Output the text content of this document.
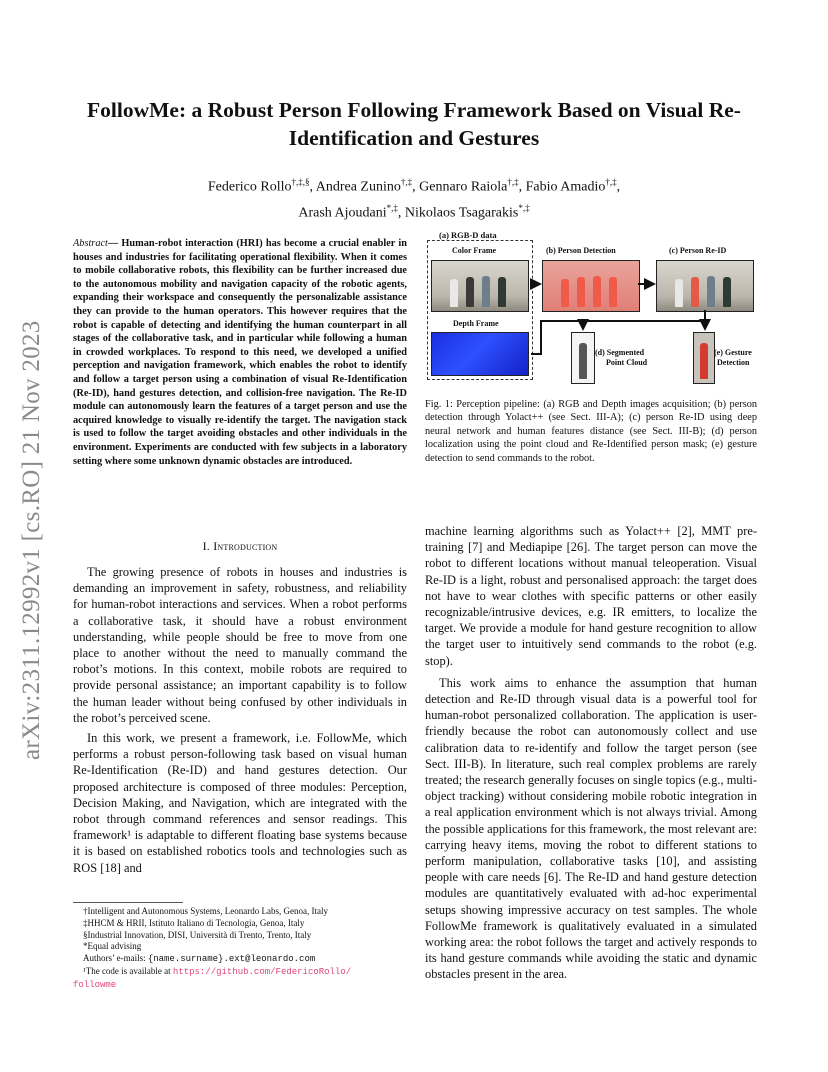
arXiv:2311.12992v1 [cs.RO] 21 Nov 2023
FollowMe: a Robust Person Following Framework Based on Visual Re-Identification and Gestures
Federico Rollo†,‡,§, Andrea Zunino†,‡, Gennaro Raiola†,‡, Fabio Amadio†,‡,
Arash Ajoudani*,‡, Nikolaos Tsagarakis*,‡
Abstract— Human-robot interaction (HRI) has become a crucial enabler in houses and industries for facilitating operational flexibility. When it comes to mobile collaborative robots, this flexibility can be further increased due to the autonomous mobility and navigation capacity of the robotic agents, expanding their workspace and consequently the personalizable assistance they can provide to the human operators. This however requires that the robot is capable of detecting and identifying the human counterpart in all stages of the collaborative task, and in particular while following a human in crowded workplaces. To respond to this need, we developed a unified perception and navigation framework, which enables the robot to identify and follow a target person using a combination of visual Re-Identification (Re-ID), hand gestures detection, and collision-free navigation. The Re-ID module can autonomously learn the features of a target person and use the acquired knowledge to visually re-identify the target. The navigation stack is used to follow the target avoiding obstacles and other individuals in the environment. Experiments are conducted with few subjects in a laboratory setting where some unknown dynamic obstacles are introduced.
I. Introduction

The growing presence of robots in houses and industries is demanding an improvement in safety, robustness, and reliability for human-robot interactions and services. When a robot performs a collaborative task, it should have a robust environment understanding, while people should be free to move from one place to another without the need to manually command the robot’s motions. In this context, mobile robots are required to provide personal assistance; an important capability is to follow the human leader without being confused by other individuals in the robot’s perceived scene.

In this work, we present a framework, i.e. FollowMe, which performs a robust person-following task based on visual human Re-Identification (Re-ID) and hand gestures detection. Our proposed architecture is composed of three modules: Perception, Decision Making, and Navigation, which are integrated with the robot through command references and sensor readings. This framework¹ is adaptable to different floating base systems because it is based on established robotics tools and technologies such as ROS [18] and

†Intelligent and Autonomous Systems, Leonardo Labs, Genoa, Italy
‡HHCM & HRII, Istituto Italiano di Tecnologia, Genoa, Italy
§Industrial Innovation, DISI, Università di Trento, Trento, Italy
*Equal advising
Authors’ e-mails: {name.surname}.ext@leonardo.com
¹The code is available at https://github.com/FedericoRollo/
followme
(a) RGB-D data
Color Frame
Depth Frame
(b) Person Detection	(c) Person Re-ID
(d) Segmented
Point Cloud
(e) Gesture
Detection
Fig. 1: Perception pipeline: (a) RGB and Depth images acquisition; (b) person detection through Yolact++ (see Sect. III-A); (c) person Re-ID using deep neural network and human features distance (see Sect. III-B); (d) person localization using the point cloud and Re-Identified person mask; (e) gesture detection to send commands to the robot.

machine learning algorithms such as Yolact++ [2], MMT pre-training [7] and Mediapipe [26]. The target person can move the robot to different locations without manual teleoperation. Visual Re-ID is a light, robust and personalised approach: the target does not have to wear clothes with specific patterns or other easily recognizable/intrusive devices, e.g. IR emitters, to localize the target. We provide a module for hand gesture recognition to allow the target user to intuitively send commands to the robot (e.g. stop).

This work aims to enhance the assumption that human detection and Re-ID through visual data is a powerful tool for human-robot personalized collaboration. The application is user-friendly because the robot can autonomously collect and use calibration data to re-identify and follow the target person (see Sect. III-B). In literature, such real complex problems are rarely treated; the research generally focuses on single topics (e.g., multi-object tracking) without considering mobile robotic integration in a real application environment which is not always trivial. Among the possible applications for this framework, the most relevant are: carrying heavy items, moving the robot to different stations to perform manipulation, collaborative tasks [10], and assisting people with care needs [6]. The Re-ID and hand gesture detection modules are quantitatively evaluated with ad-hoc experimental setups showing impressive accuracy on test samples. The whole FollowMe framework is qualitatively evaluated in a simulated working area: the robot follows the target and actively responds to its hand gesture commands while avoiding the static and dynamic obstacles present in the area.
